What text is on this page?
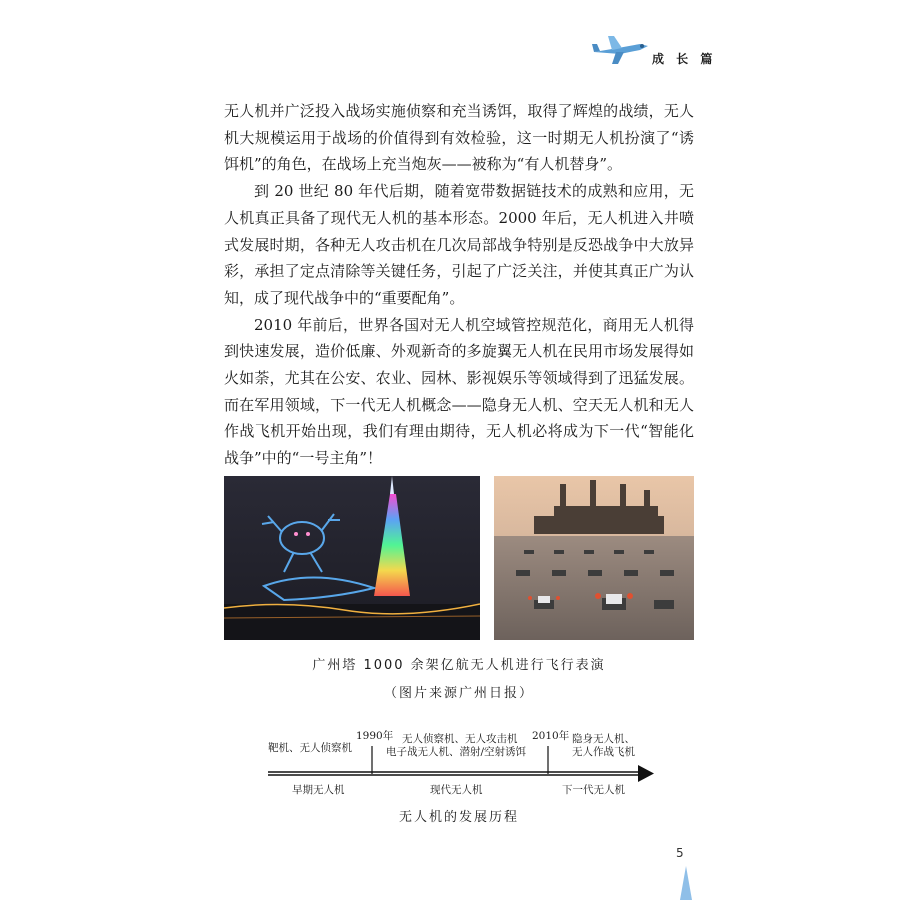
成 长 篇

无人机并广泛投入战场实施侦察和充当诱饵，取得了辉煌的战绩，无人机大规模运用于战场的价值得到有效检验，这一时期无人机扮演了“诱饵机”的角色，在战场上充当炮灰——被称为“有人机替身”。

到 20 世纪 80 年代后期，随着宽带数据链技术的成熟和应用，无人机真正具备了现代无人机的基本形态。2000 年后，无人机进入井喷式发展时期，各种无人攻击机在几次局部战争特别是反恐战争中大放异彩，承担了定点清除等关键任务，引起了广泛关注，并使其真正广为认知，成了现代战争中的“重要配角”。

2010 年前后，世界各国对无人机空域管控规范化，商用无人机得到快速发展，造价低廉、外观新奇的多旋翼无人机在民用市场发展得如火如荼，尤其在公安、农业、园林、影视娱乐等领域得到了迅猛发展。而在军用领域，下一代无人机概念——隐身无人机、空天无人机和无人作战飞机开始出现，我们有理由期待，无人机必将成为下一代“智能化战争”中的“一号主角”！

广州塔 1000 余架亿航无人机进行飞行表演
（图片来源广州日报）
1990年	2010年
靶机、无人侦察机
无人侦察机、无人攻击机
电子战无人机、潜射/空射诱饵
隐身无人机、
无人作战飞机
早期无人机	现代无人机	下一代无人机
无人机的发展历程
5
